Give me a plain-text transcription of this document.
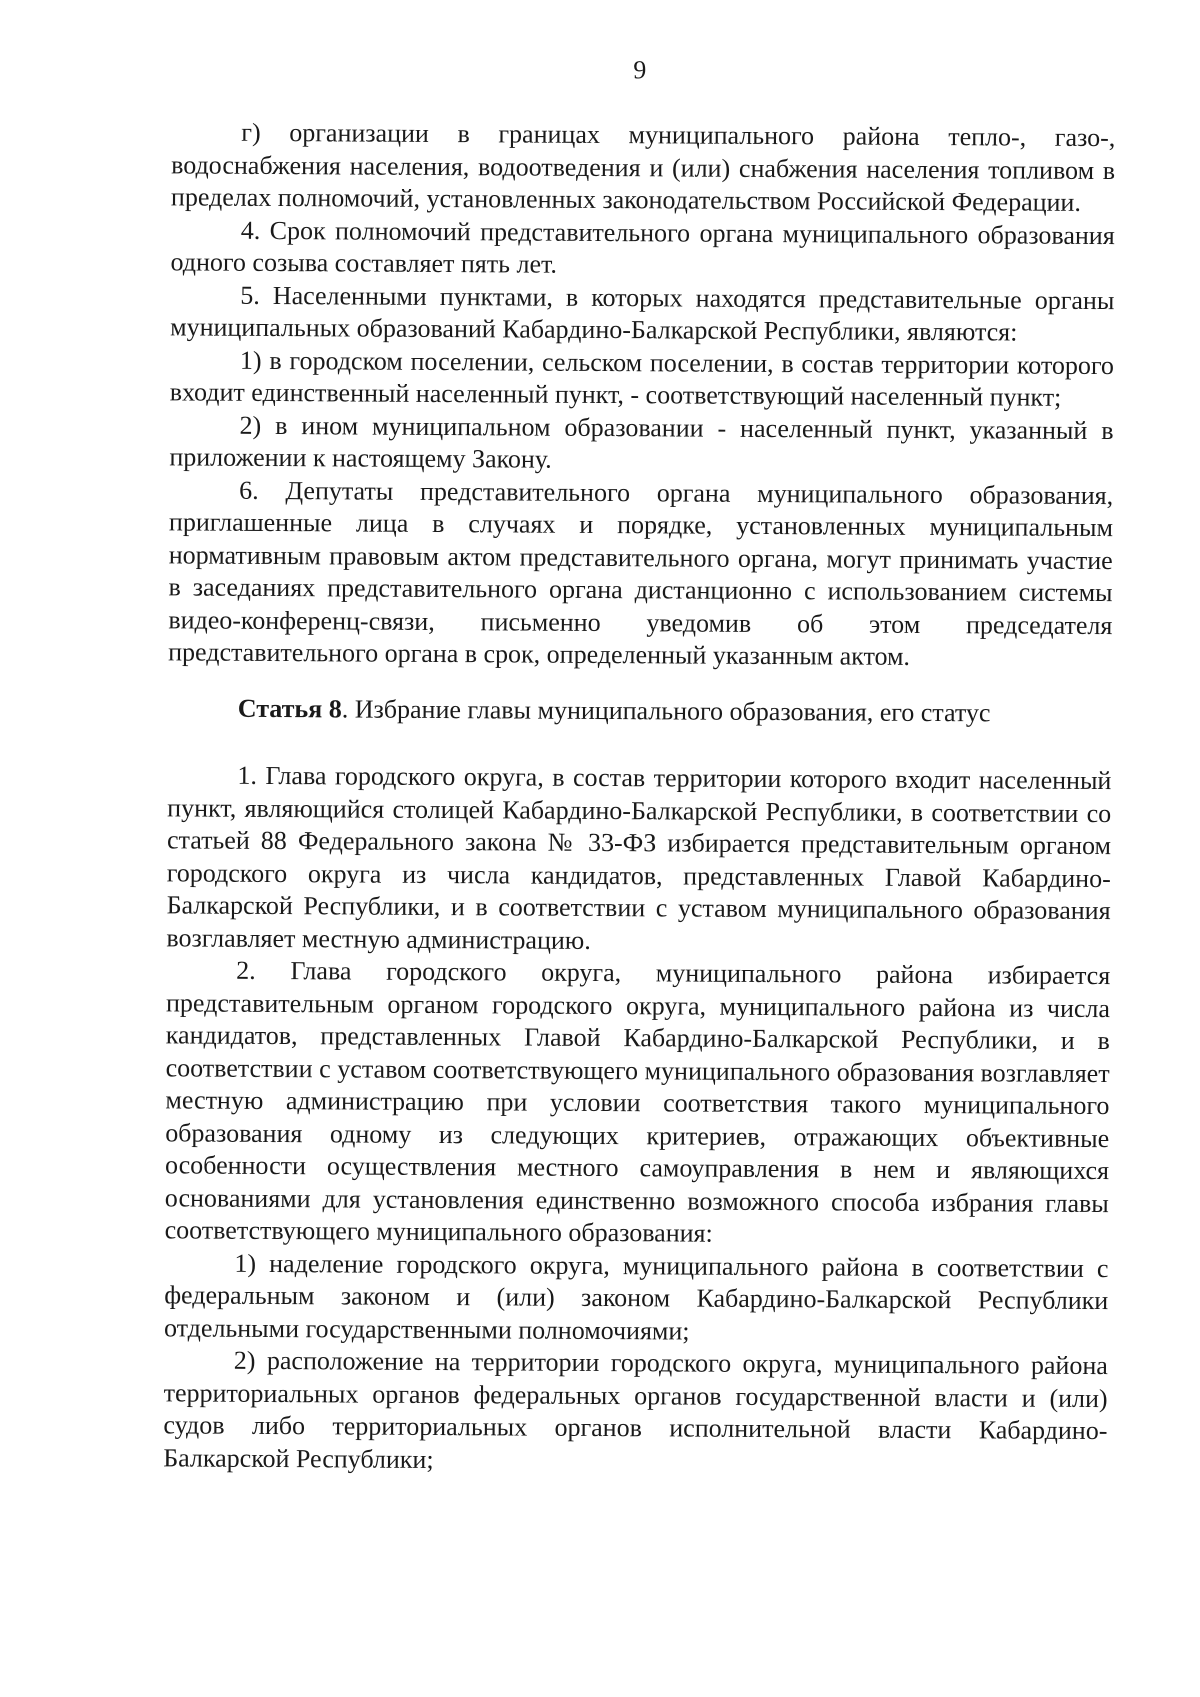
9

г) организации в границах муниципального района тепло-, газо-, водоснабжения населения, водоотведения и (или) снабжения населения топливом в пределах полномочий, установленных законодательством Российской Федерации.

4. Срок полномочий представительного органа муниципального образования одного созыва составляет пять лет.

5. Населенными пунктами, в которых находятся представительные органы муниципальных образований Кабардино-Балкарской Республики, являются:

1) в городском поселении, сельском поселении, в состав территории которого входит единственный населенный пункт, - соответствующий населенный пункт;

2) в ином муниципальном образовании - населенный пункт, указанный в приложении к настоящему Закону.

6. Депутаты представительного органа муниципального образования, приглашенные лица в случаях и порядке, установленных муниципальным нормативным правовым актом представительного органа, могут принимать участие в заседаниях представительного органа дистанционно с использованием системы видео-конференц-связи, письменно уведомив об этом председателя представительного органа в срок, определенный указанным актом.

Статья 8. Избрание главы муниципального образования, его статус

1. Глава городского округа, в состав территории которого входит населенный пункт, являющийся столицей Кабардино-Балкарской Республики, в соответствии со статьей 88 Федерального закона № 33-ФЗ избирается представительным органом городского округа из числа кандидатов, представленных Главой Кабардино-Балкарской Республики, и в соответствии с уставом муниципального образования возглавляет местную администрацию.

2. Глава городского округа, муниципального района избирается представительным органом городского округа, муниципального района из числа кандидатов, представленных Главой Кабардино-Балкарской Республики, и в соответствии с уставом соответствующего муниципального образования возглавляет местную администрацию при условии соответствия такого муниципального образования одному из следующих критериев, отражающих объективные особенности осуществления местного самоуправления в нем и являющихся основаниями для установления единственно возможного способа избрания главы соответствующего муниципального образования:

1) наделение городского округа, муниципального района в соответствии с федеральным законом и (или) законом Кабардино-Балкарской Республики отдельными государственными полномочиями;

2) расположение на территории городского округа, муниципального района территориальных органов федеральных органов государственной власти и (или) судов либо территориальных органов исполнительной власти Кабардино-Балкарской Республики;
